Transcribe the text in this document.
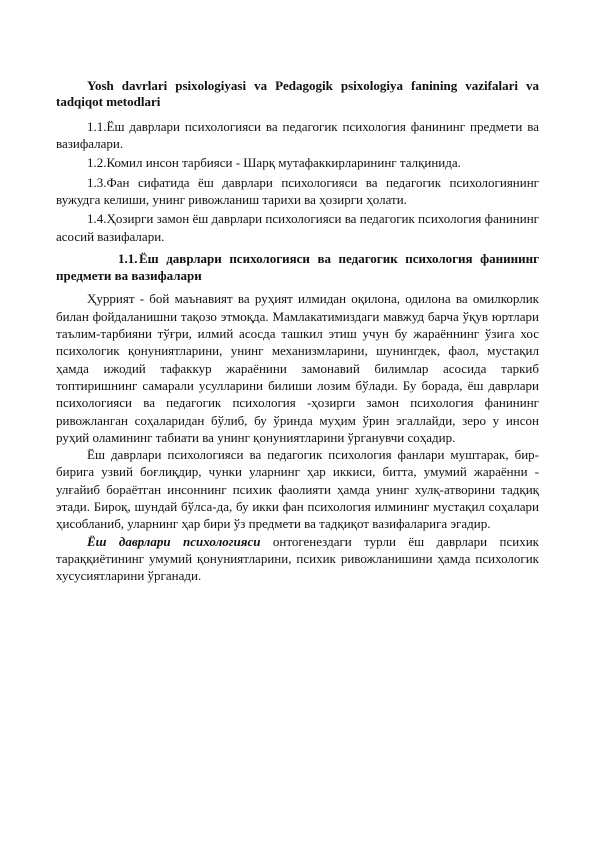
Yosh davrlari psixologiyasi va Pedagogik psixologiya fanining vazifalari va tadqiqot metodlari

1.1.Ёш даврлари психологияси ва педагогик психология фанининг предмети ва вазифалари.

1.2.Комил инсон тарбияси - Шарқ мутафаккирларининг талқинида.

1.3.Фан сифатида ёш даврлари психологияси ва педагогик психологиянинг вужудга келиши, унинг ривожланиш тарихи ва ҳозирги ҳолати.

1.4.Ҳозирги замон ёш даврлари психологияси ва педагогик психология фанининг асосий вазифалари.

1.1. Ёш даврлари психологияси ва педагогик психология фанининг предмети ва вазифалари

Ҳуррият - бой маънавият ва руҳият илмидан оқилона, одилона ва омилкорлик билан фойдаланишни тақозо этмоқда. Мамлакатимиздаги мавжуд барча ўқув юртлари таълим-тарбияни тўғри, илмий асосда ташкил этиш учун бу жараённинг ўзига хос психологик қонуниятларини, унинг механизмларини, шунингдек, фаол, мустақил ҳамда ижодий тафаккур жараёнини замонавий билимлар асосида таркиб топтиришнинг самарали усулларини билиши лозим бўлади. Бу борада, ёш даврлари психологияси ва педагогик психология -ҳозирги замон психология фанининг ривожланган соҳаларидан бўлиб, бу ўринда муҳим ўрин эгаллайди, зеро у инсон руҳий оламининг табиати ва унинг қонуниятларини ўрганувчи соҳадир.

Ёш даврлари психологияси ва педагогик психология фанлари муштарак, бир-бирига узвий боғлиқдир, чунки уларнинг ҳар иккиси, битта, умумий жараённи - улғайиб бораётган инсоннинг психик фаолияти ҳамда унинг хулқ-атворини тадқиқ этади. Бироқ, шундай бўлса-да, бу икки фан психология илмининг мустақил соҳалари ҳисобланиб, уларнинг ҳар бири ўз предмети ва тадқиқот вазифаларига эгадир.

Ёш даврлари психологияси онтогенездаги турли ёш даврлари психик тараққиётининг умумий қонуниятларини, психик ривожланишини ҳамда психологик хусусиятларини ўрганади.
